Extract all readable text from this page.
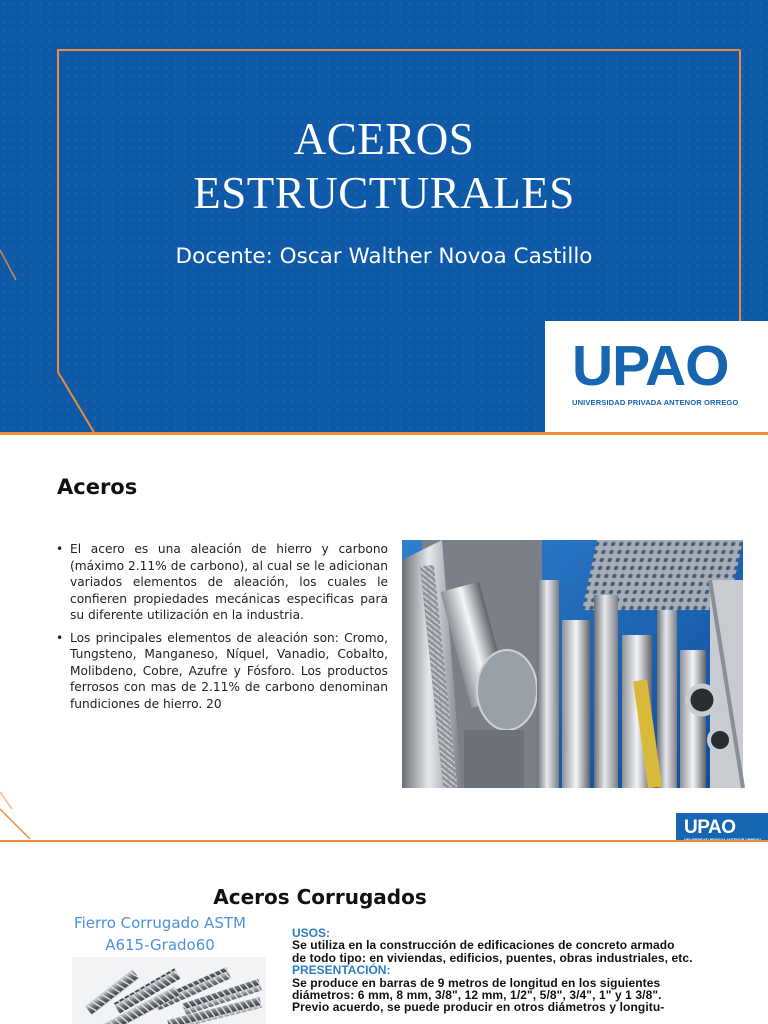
ACEROS
ESTRUCTURALES
Docente: Oscar Walther Novoa Castillo
UPAO
UNIVERSIDAD PRIVADA ANTENOR ORREGO
Aceros
• El acero es una aleación de hierro y carbono (máximo 2.11% de carbono), al cual se le adicionan variados elementos de aleación, los cuales le confieren propiedades mecánicas especificas para su diferente utilización en la industria.
• Los principales elementos de aleación son: Cromo, Tungsteno, Manganeso, Níquel, Vanadio, Cobalto, Molibdeno, Cobre, Azufre y Fósforo. Los productos ferrosos con mas de 2.11% de carbono denominan fundiciones de hierro. 20
UPAO
Aceros Corrugados
Fierro Corrugado ASTM
A615-Grado60
USOS:
Se utiliza en la construcción de edificaciones de concreto armado
de todo tipo: en viviendas, edificios, puentes, obras industriales, etc.
PRESENTACIÓN:
Se produce en barras de 9 metros de longitud en los siguientes
diámetros: 6 mm, 8 mm, 3/8", 12 mm, 1/2", 5/8", 3/4", 1" y 1 3/8".
Previo acuerdo, se puede producir en otros diámetros y longitu-
